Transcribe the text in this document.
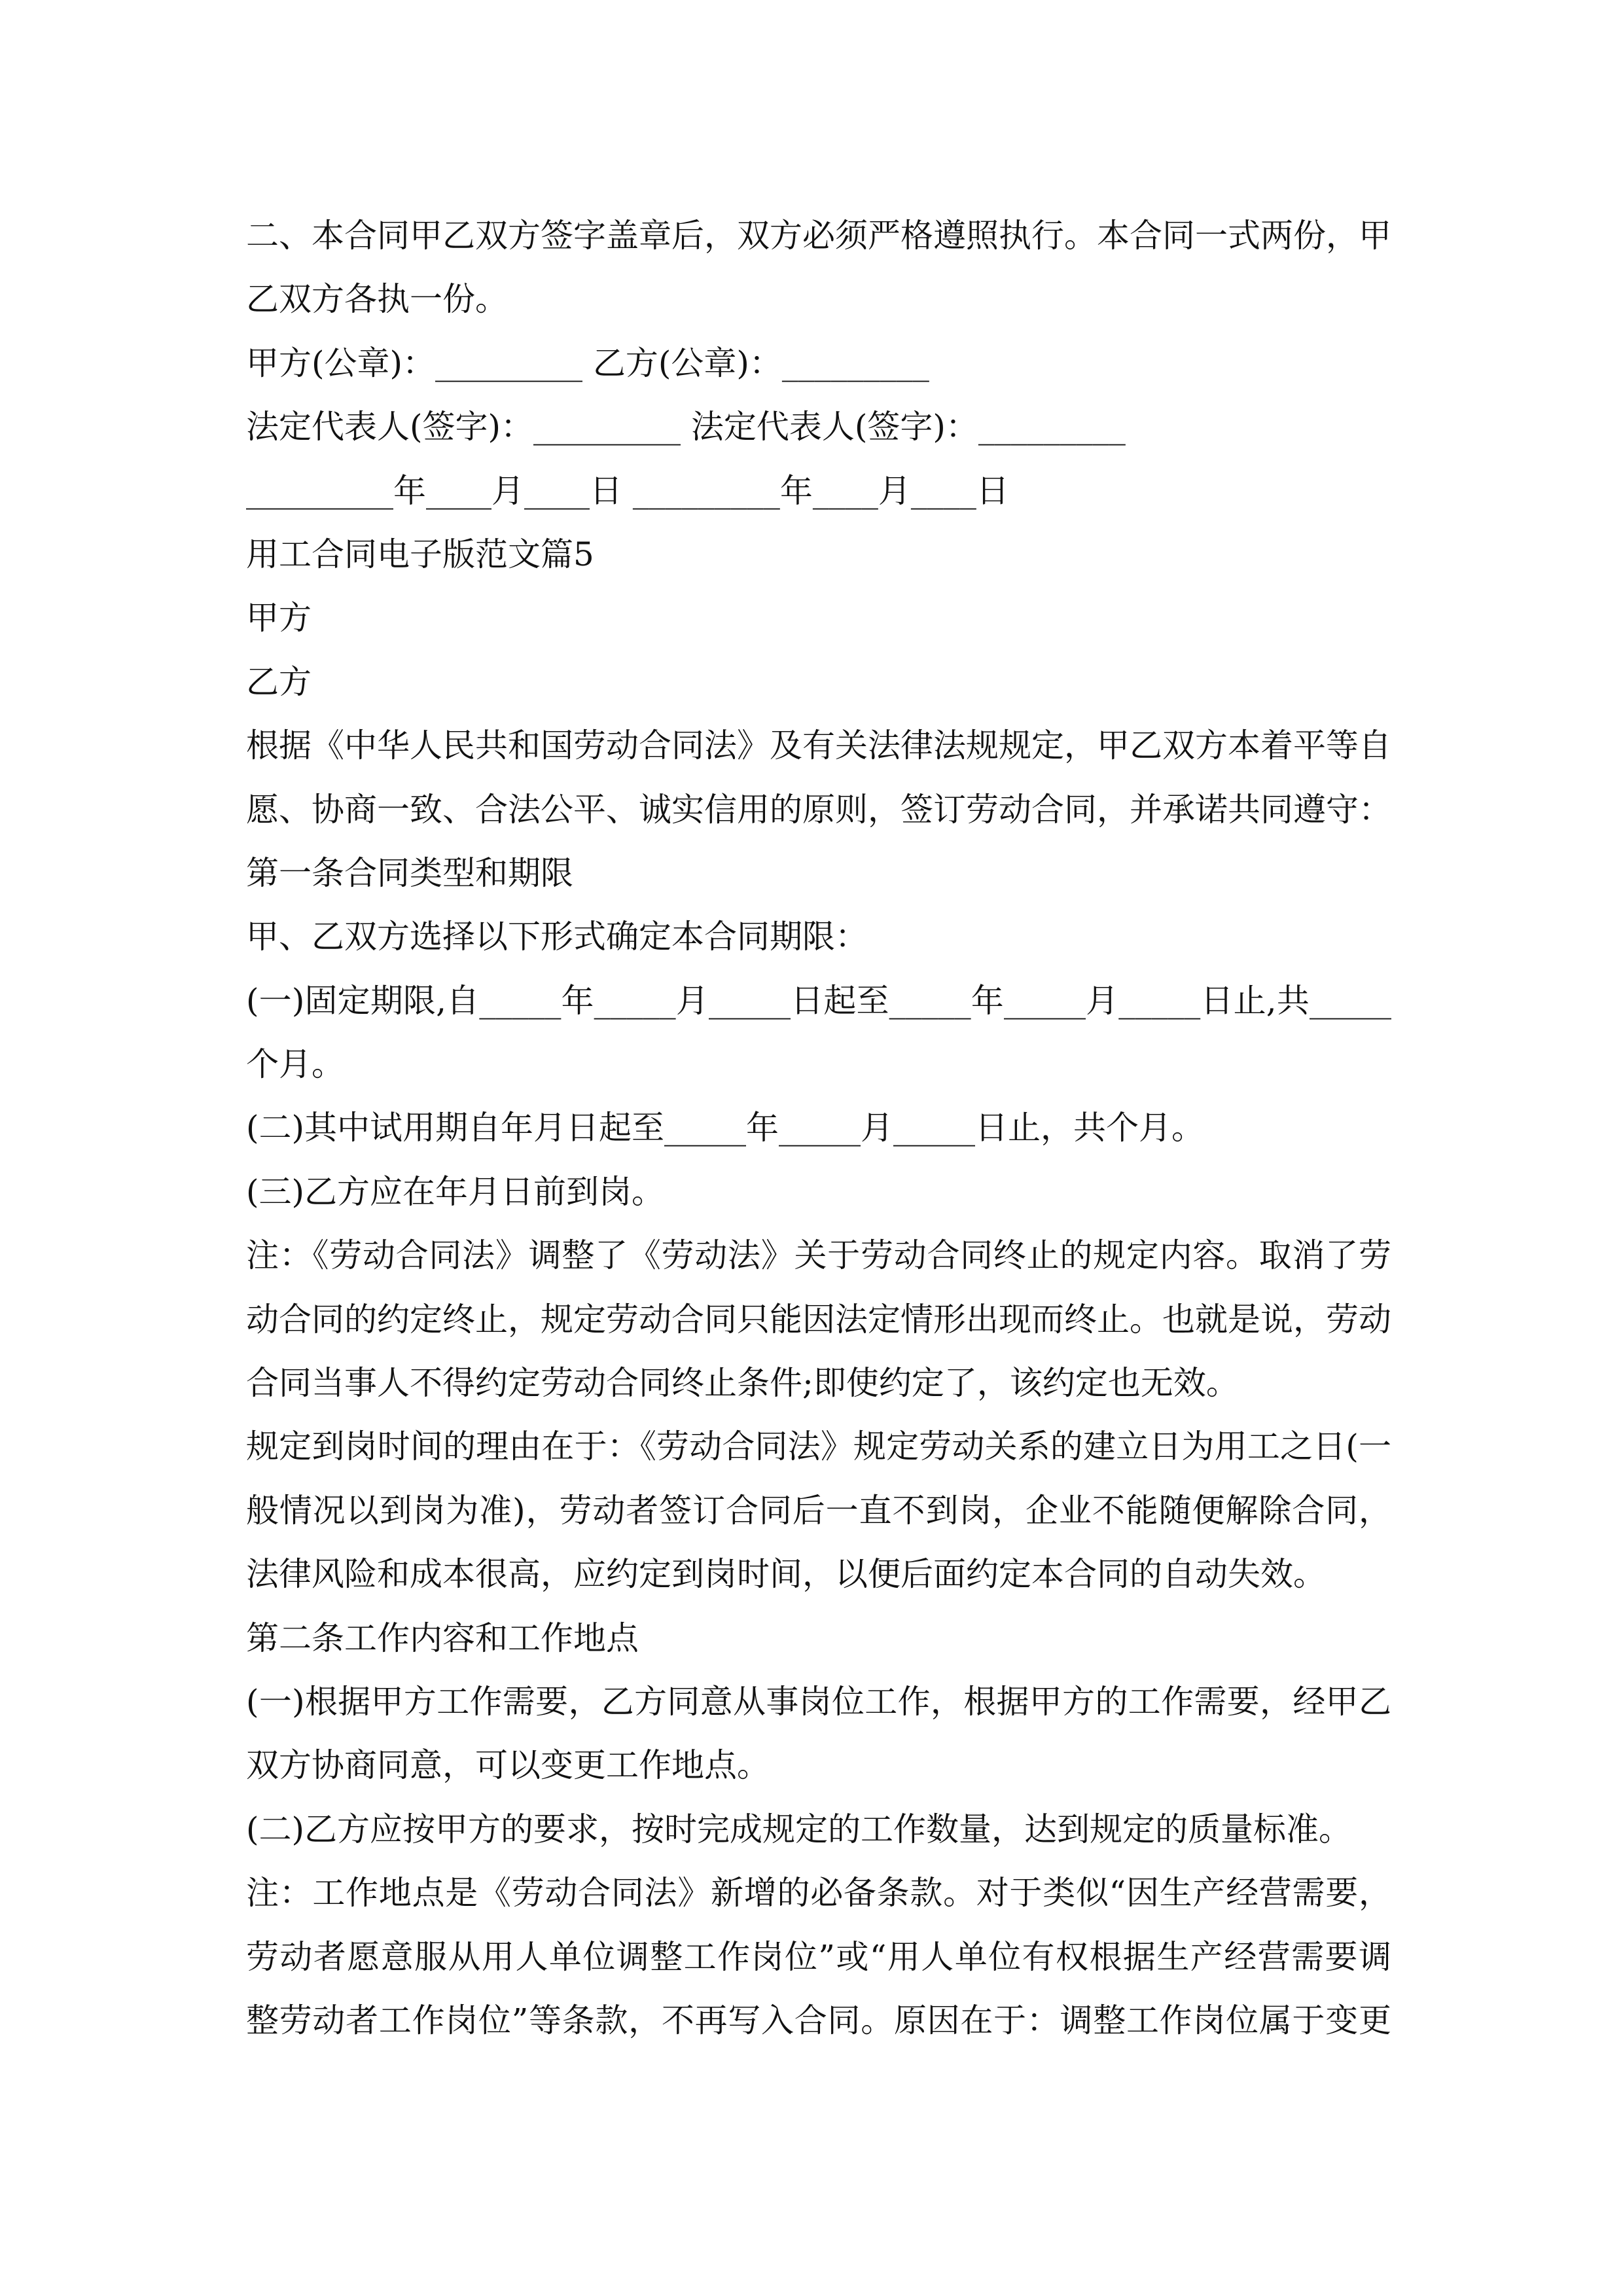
二、本合同甲乙双方签字盖章后，双方必须严格遵照执行。本合同一式两份，甲
乙双方各执一份。
甲方(公章)：_________ 乙方(公章)：_________
法定代表人(签字)：_________ 法定代表人(签字)：_________
_________年____月____日 _________年____月____日
用工合同电子版范文篇5
甲方
乙方
根据《中华人民共和国劳动合同法》及有关法律法规规定，甲乙双方本着平等自
愿、协商一致、合法公平、诚实信用的原则，签订劳动合同，并承诺共同遵守：
第一条合同类型和期限
甲、乙双方选择以下形式确定本合同期限：
(一)固定期限,自_____年_____月_____日起至_____年_____月_____日止,共_____
个月。
(二)其中试用期自年月日起至_____年_____月_____日止，共个月。
(三)乙方应在年月日前到岗。
注：《劳动合同法》调整了《劳动法》关于劳动合同终止的规定内容。取消了劳
动合同的约定终止，规定劳动合同只能因法定情形出现而终止。也就是说，劳动
合同当事人不得约定劳动合同终止条件;即使约定了，该约定也无效。
规定到岗时间的理由在于：《劳动合同法》规定劳动关系的建立日为用工之日(一
般情况以到岗为准)，劳动者签订合同后一直不到岗，企业不能随便解除合同，
法律风险和成本很高，应约定到岗时间，以便后面约定本合同的自动失效。
第二条工作内容和工作地点
(一)根据甲方工作需要，乙方同意从事岗位工作，根据甲方的工作需要，经甲乙
双方协商同意，可以变更工作地点。
(二)乙方应按甲方的要求，按时完成规定的工作数量，达到规定的质量标准。
注：工作地点是《劳动合同法》新增的必备条款。对于类似“因生产经营需要，
劳动者愿意服从用人单位调整工作岗位”或“用人单位有权根据生产经营需要调
整劳动者工作岗位”等条款，不再写入合同。原因在于：调整工作岗位属于变更
